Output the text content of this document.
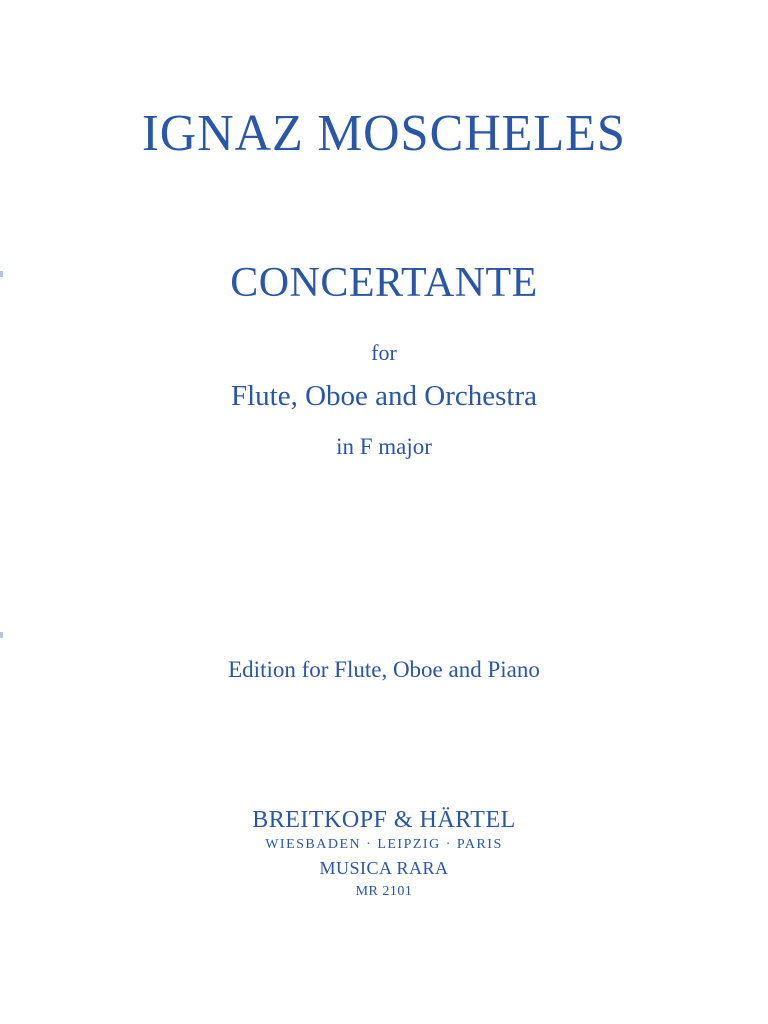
IGNAZ MOSCHELES
CONCERTANTE
for
Flute, Oboe and Orchestra
in F major
Edition for Flute, Oboe and Piano
BREITKOPF & HÄRTEL
WIESBADEN · LEIPZIG · PARIS
MUSICA RARA
MR 2101
